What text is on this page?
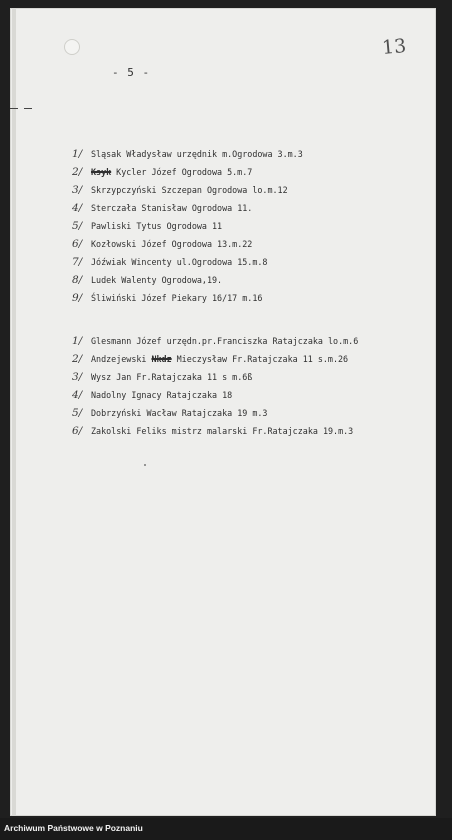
- 5 -
13
1/	Sląsak Władysław urzędnik m.Ogrodowa 3.m.3
2/	Ksyk Kycler Józef Ogrodowa 5.m.7
3/	Skrzypczyński Szczepan Ogrodowa lo.m.12
4/	Sterczała Stanisław Ogrodowa 11.
5/	Pawliski Tytus Ogrodowa 11
6/	Kozłowski Józef Ogrodowa 13.m.22
7/	Jóźwiak Wincenty ul.Ogrodowa 15.m.8
8/	Ludek Walenty Ogrodowa,19.
9/	Śliwiński Józef Piekary 16/17 m.16
1/	Glesmann Józef urzędn.pr.Franciszka Ratajczaka lo.m.6
2/	Andzejewski Nkdz Mieczysław Fr.Ratajczaka 11 s.m.26
3/	Wysz Jan Fr.Ratajczaka 11 s m.6ß
4/	Nadolny Ignacy Ratajczaka 18
5/	Dobrzyński Wacław Ratajczaka 19 m.3
6/	Zakolski Feliks mistrz malarski Fr.Ratajczaka 19.m.3
Archiwum Państwowe w Poznaniu
